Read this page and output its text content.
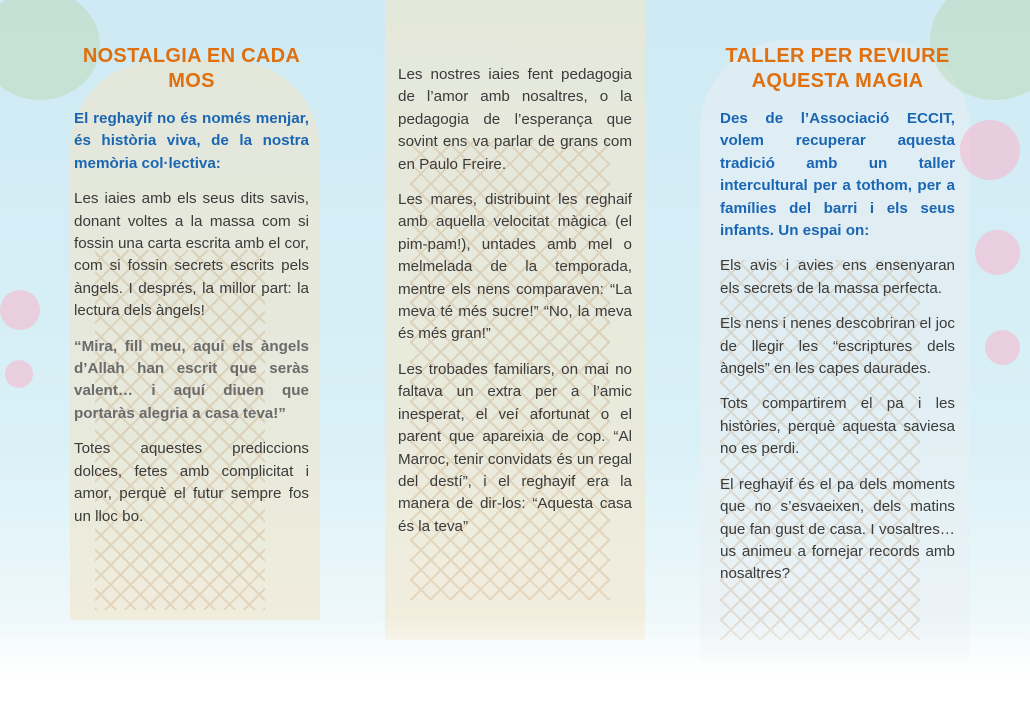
NOSTALGIA EN CADA MOS

El reghayif no és només menjar, és història viva, de la nostra memòria col·lectiva:

Les iaies amb els seus dits savis, donant voltes a la massa com si fossin una carta escrita amb el cor, com si fossin secrets escrits pels àngels. I després, la millor part: la lectura dels àngels!

“Mira, fill meu, aquí els àngels d’Allah han escrit que seràs valent… i aquí diuen que portaràs alegria a casa teva!”

Totes aquestes prediccions dolces, fetes amb complicitat i amor, perquè el futur sempre fos un lloc bo.

Les nostres iaies fent pedagogia de l’amor amb nosaltres, o la pedagogia de l’esperança que sovint ens va parlar de grans com en Paulo Freire.

Les mares, distribuint les reghaif amb aquella velocitat màgica (el pim-pam!), untades amb mel o melmelada de la temporada, mentre els nens comparaven: “La meva té més sucre!” “No, la meva és més gran!”

Les trobades familiars, on mai no faltava un extra per a l’amic inesperat, el veí afortunat o el parent que apareixia de cop. “Al Marroc, tenir convidats és un regal del destí”, i el reghayif era la manera de dir-los: “Aquesta casa és la teva”

TALLER PER REVIURE AQUESTA MAGIA

Des de l’Associació ECCIT, volem recuperar aquesta tradició amb un taller intercultural per a tothom, per a famílies del barri i els seus infants. Un espai on:

Els avis i avies ens ensenyaran els secrets de la massa perfecta.

Els nens i nenes descobriran el joc de llegir les “escriptures dels àngels” en les capes daurades.

Tots compartirem el pa i les històries, perquè aquesta saviesa no es perdi.

El reghayif és el pa dels moments que no s’esvaeixen, dels matins que fan gust de casa. I vosaltres… us animeu a fornejar records amb nosaltres?
